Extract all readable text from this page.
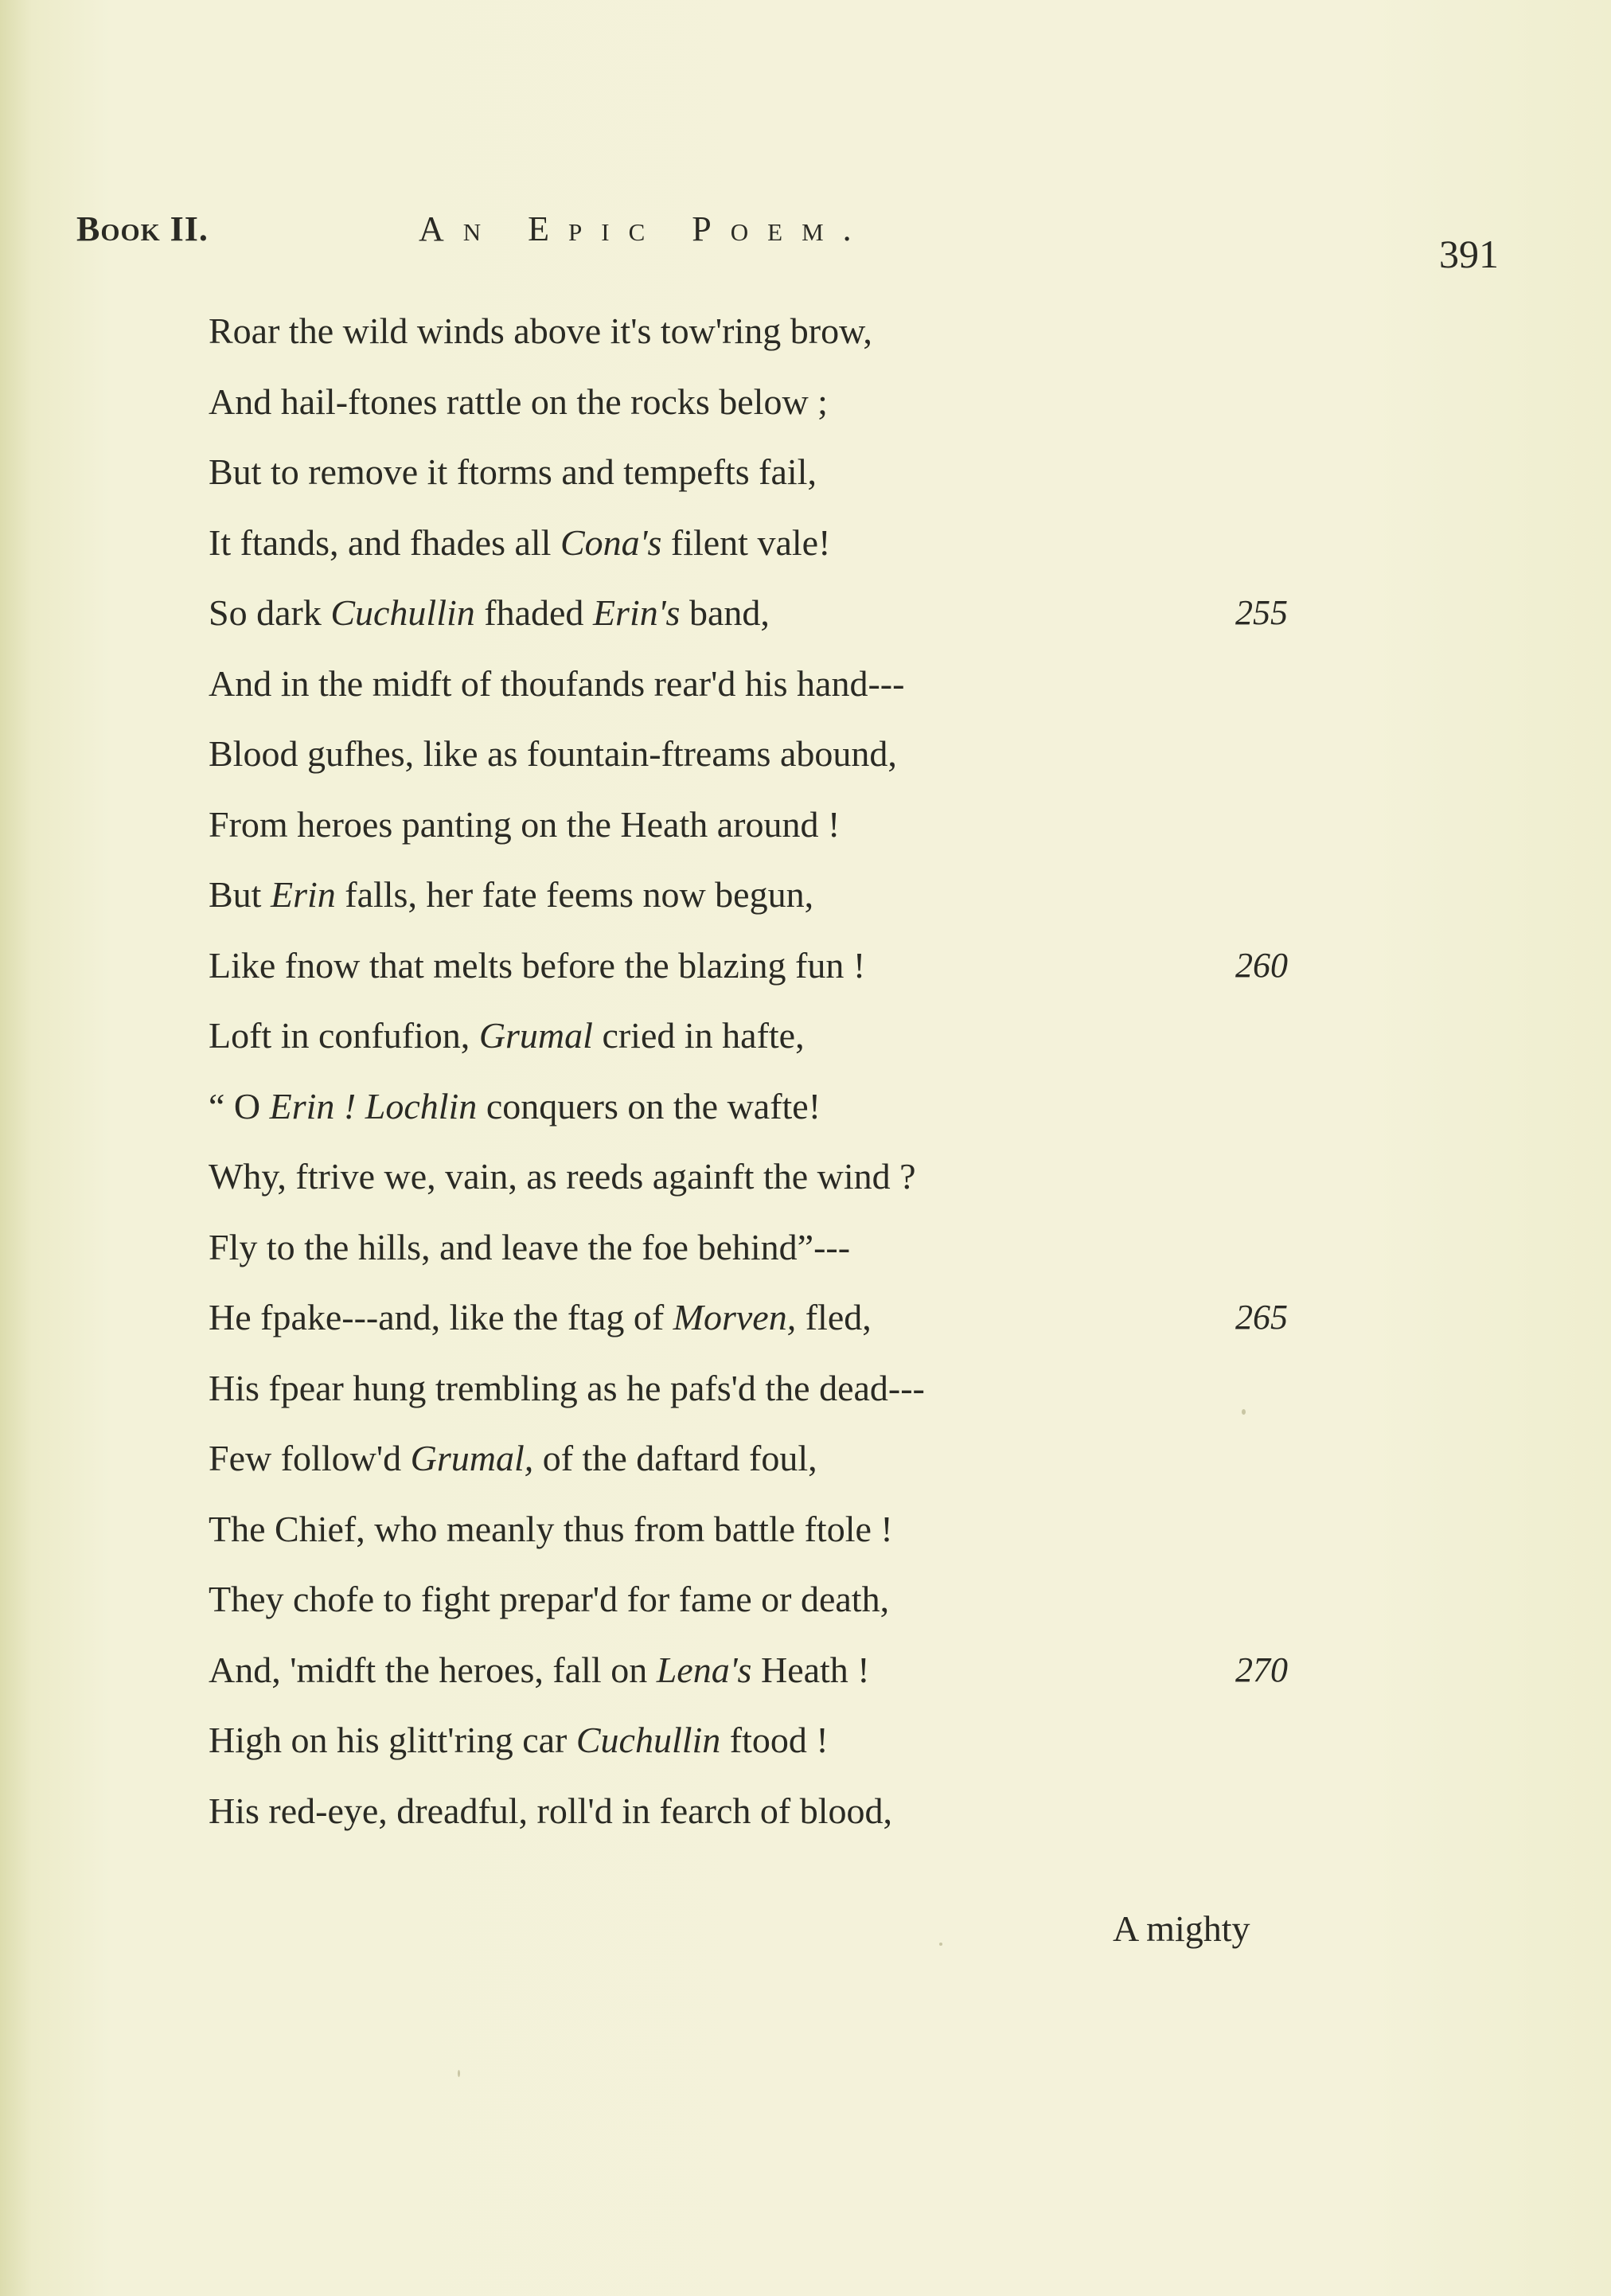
Book II.	An Epic Poem.
391
Roar the wild winds above it's tow'ring brow,
And hail-ftones rattle on the rocks below ;
But to remove it ftorms and tempefts fail,
It ftands, and fhades all Cona's filent vale!
So dark Cuchullin fhaded Erin's band,	255
And in the midft of thoufands rear'd his hand---
Blood gufhes, like as fountain-ftreams abound,
From heroes panting on the Heath around !
But Erin falls, her fate feems now begun,
Like fnow that melts before the blazing fun !	260
Loft in confufion, Grumal cried in hafte,
“ O Erin ! Lochlin conquers on the wafte!
Why, ftrive we, vain, as reeds againft the wind ?
Fly to the hills, and leave the foe behind”---
He fpake---and, like the ftag of Morven, fled,	265
His fpear hung trembling as he pafs'd the dead---
Few follow'd Grumal, of the daftard foul,
The Chief, who meanly thus from battle ftole !
They chofe to fight prepar'd for fame or death,
And, 'midft the heroes, fall on Lena's Heath !	270
High on his glitt'ring car Cuchullin ftood !
His red-eye, dreadful, roll'd in fearch of blood,
A mighty
